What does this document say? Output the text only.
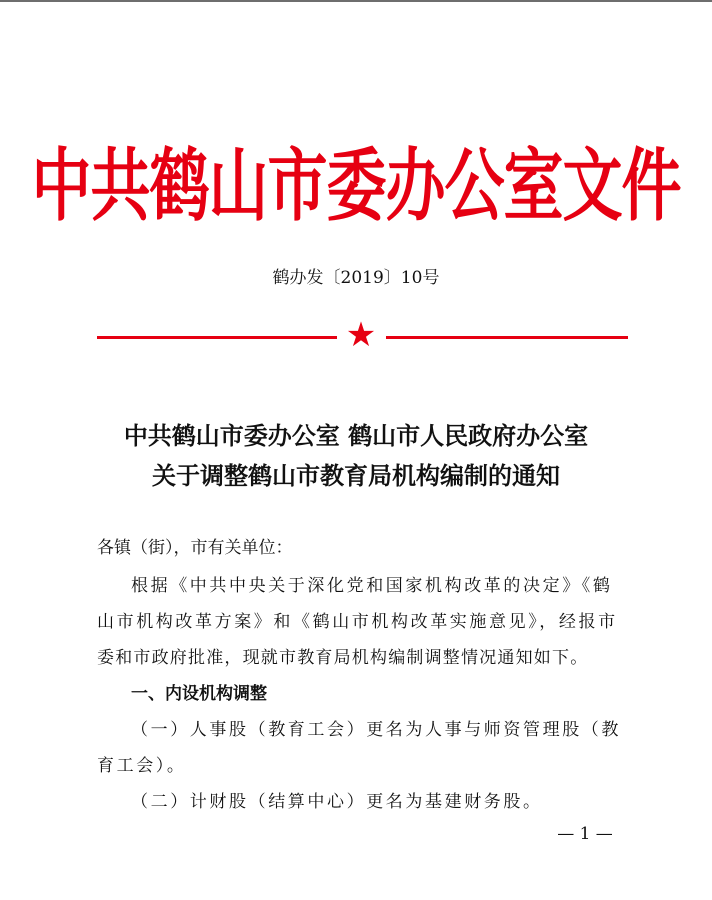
中共鹤山市委办公室文件
鹤办发〔2019〕10号
★
中共鹤山市委办公室 鹤山市人民政府办公室
关于调整鹤山市教育局机构编制的通知
各镇（街），市有关单位：
根据《中共中央关于深化党和国家机构改革的决定》《鹤
山市机构改革方案》和《鹤山市机构改革实施意见》，经报市
委和市政府批准，现就市教育局机构编制调整情况通知如下。
一、内设机构调整
（一）人事股（教育工会）更名为人事与师资管理股（教
育工会）。
（二）计财股（结算中心）更名为基建财务股。
— 1 —
